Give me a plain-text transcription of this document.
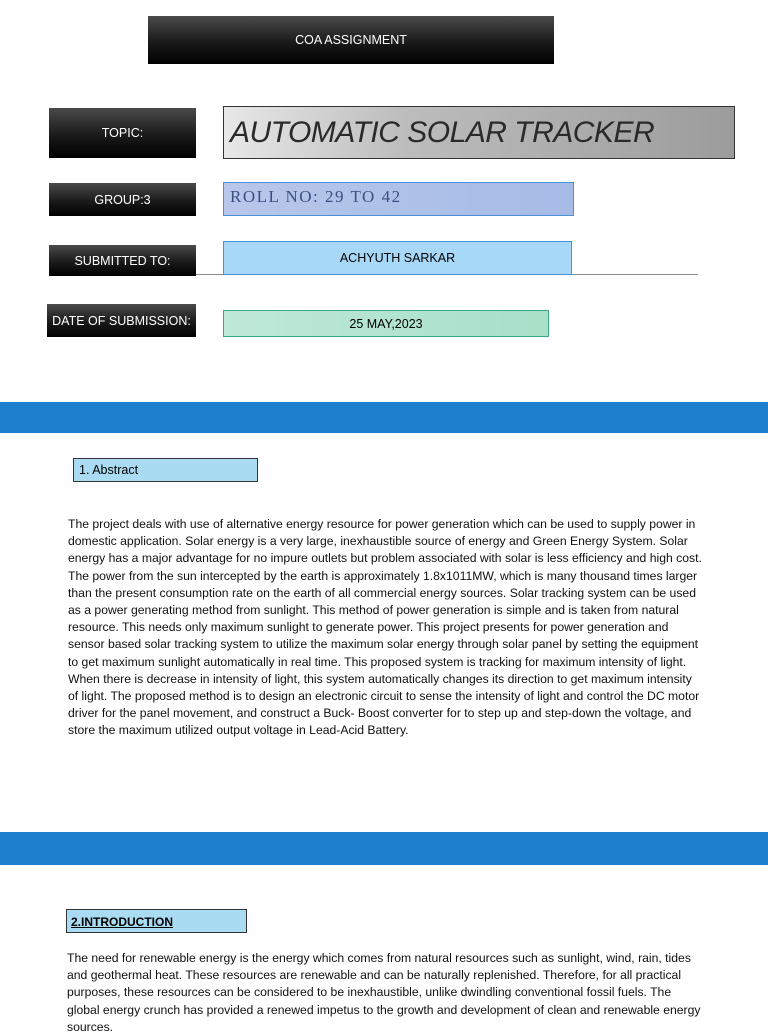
COA ASSIGNMENT
TOPIC:	AUTOMATIC SOLAR TRACKER
GROUP:3	ROLL NO: 29 TO 42
SUBMITTED TO:	ACHYUTH SARKAR
DATE OF SUBMISSION:	25 MAY,2023
1. Abstract
The project deals with use of alternative energy resource for power generation which can be used to supply power in domestic application. Solar energy is a very large, inexhaustible source of energy and Green Energy System. Solar energy has a major advantage for no impure outlets but problem associated with solar is less efficiency and high cost. The power from the sun intercepted by the earth is approximately 1.8x1011MW, which is many thousand times larger than the present consumption rate on the earth of all commercial energy sources. Solar tracking system can be used as a power generating method from sunlight. This method of power generation is simple and is taken from natural resource. This needs only maximum sunlight to generate power. This project presents for power generation and sensor based solar tracking system to utilize the maximum solar energy through solar panel by setting the equipment to get maximum sunlight automatically in real time. This proposed system is tracking for maximum intensity of light. When there is decrease in intensity of light, this system automatically changes its direction to get maximum intensity of light. The proposed method is to design an electronic circuit to sense the intensity of light and control the DC motor driver for the panel movement, and construct a Buck- Boost converter for to step up and step-down the voltage, and store the maximum utilized output voltage in Lead-Acid Battery.
2.INTRODUCTION
The need for renewable energy is the energy which comes from natural resources such as sunlight, wind, rain, tides and geothermal heat. These resources are renewable and can be naturally replenished. Therefore, for all practical purposes, these resources can be considered to be inexhaustible, unlike dwindling conventional fossil fuels. The global energy crunch has provided a renewed impetus to the growth and development of clean and renewable energy sources.
